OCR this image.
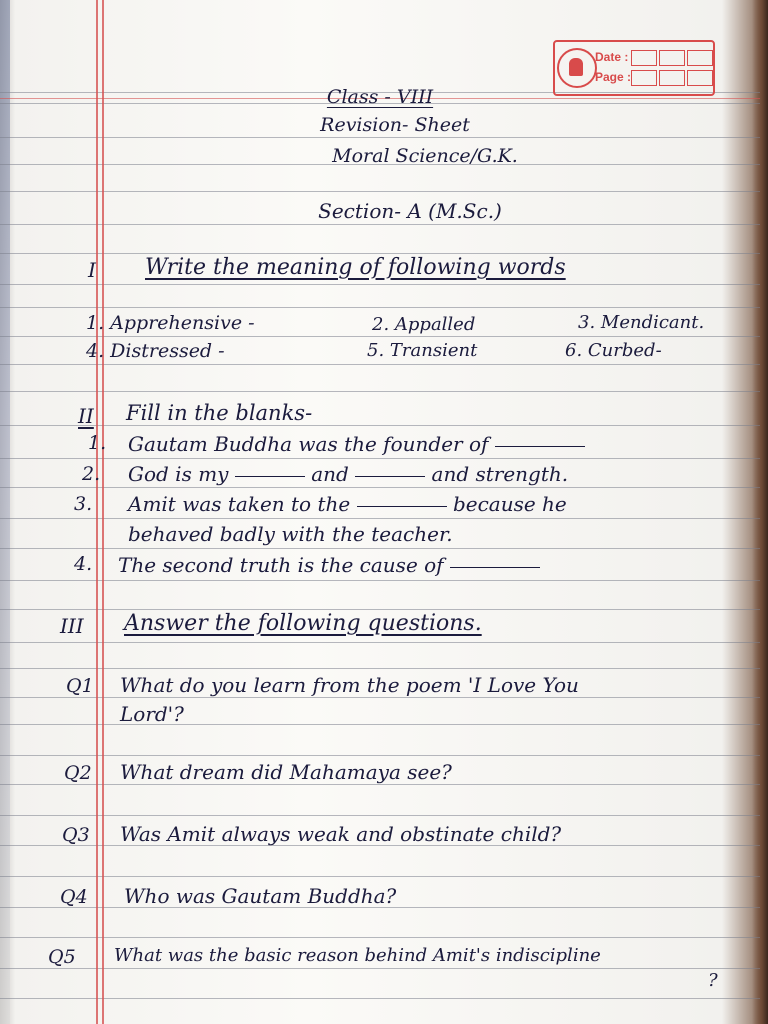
Date :
Page :
Class - VIII
Revision- Sheet
Moral Science/G.K.
Section- A (M.Sc.)
I Write the meaning of following words
1. Apprehensive -	2. Appalled	3. Mendicant.
4. Distressed -	5. Transient	6. Curbed-
II Fill in the blanks-
1. Gautam Buddha was the founder of
2. God is my	and	and strength.
3. Amit was taken to the	because he
behaved badly with the teacher.
4. The second truth is the cause of
III Answer the following questions.
Q1 What do you learn from the poem 'I Love You
Lord'?
Q2 What dream did Mahamaya see?
Q3 Was Amit always weak and obstinate child?
Q4 Who was Gautam Buddha?
Q5 What was the basic reason behind Amit's indiscipline
?
